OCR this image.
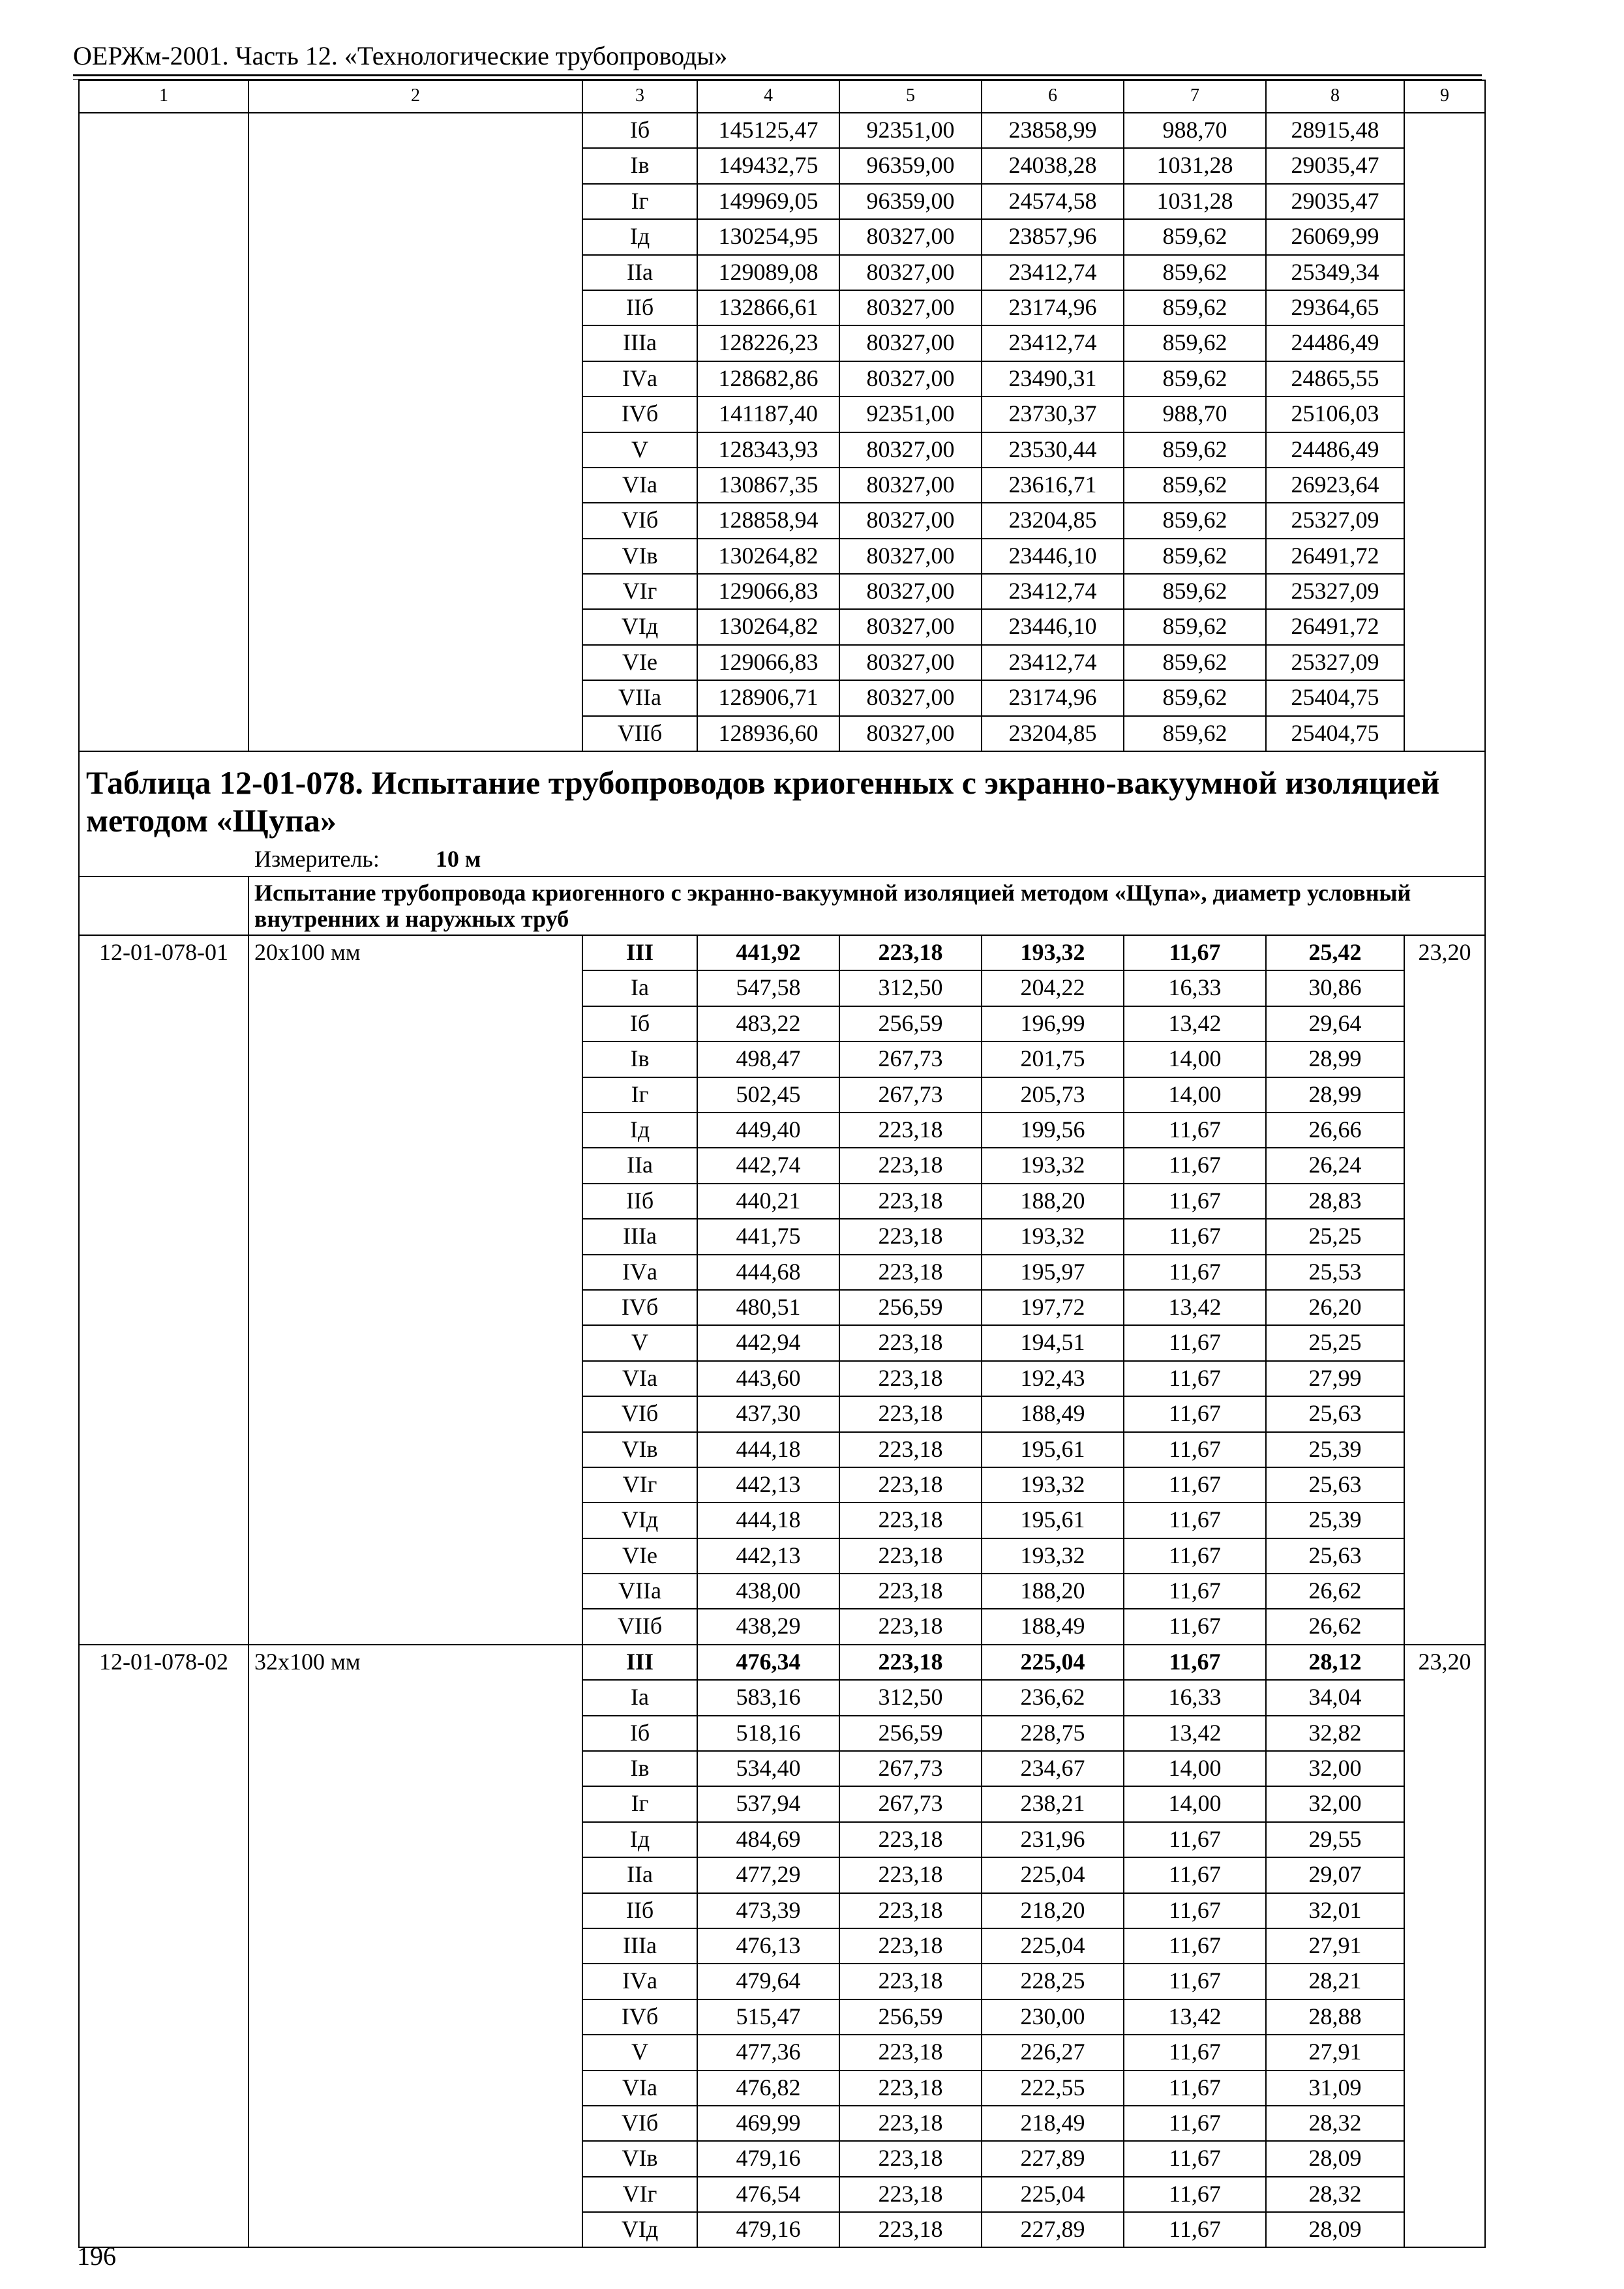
ОЕРЖм-2001. Часть 12. «Технологические трубопроводы»
1	2	3	4	5	6	7	8	9
		Iб	145125,47	92351,00	23858,99	988,70	28915,48	
		Iв	149432,75	96359,00	24038,28	1031,28	29035,47	
		Iг	149969,05	96359,00	24574,58	1031,28	29035,47	
		Iд	130254,95	80327,00	23857,96	859,62	26069,99	
		IIа	129089,08	80327,00	23412,74	859,62	25349,34	
		IIб	132866,61	80327,00	23174,96	859,62	29364,65	
		IIIа	128226,23	80327,00	23412,74	859,62	24486,49	
		IVа	128682,86	80327,00	23490,31	859,62	24865,55	
		IVб	141187,40	92351,00	23730,37	988,70	25106,03	
		V	128343,93	80327,00	23530,44	859,62	24486,49	
		VIа	130867,35	80327,00	23616,71	859,62	26923,64	
		VIб	128858,94	80327,00	23204,85	859,62	25327,09	
		VIв	130264,82	80327,00	23446,10	859,62	26491,72	
		VIг	129066,83	80327,00	23412,74	859,62	25327,09	
		VIд	130264,82	80327,00	23446,10	859,62	26491,72	
		VIе	129066,83	80327,00	23412,74	859,62	25327,09	
		VIIа	128906,71	80327,00	23174,96	859,62	25404,75	
		VIIб	128936,60	80327,00	23204,85	859,62	25404,75	

Таблица 12-01-078. Испытание трубопроводов криогенных с экранно-вакуумной изоляцией методом «Щупа»
Измеритель: 10 м								

	Испытание трубопровода криогенного с экранно-вакуумной изоляцией методом «Щупа», диаметр условный внутренних и наружных труб							
12-01-078-01	20х100 мм	III	441,92	223,18	193,32	11,67	25,42	23,20
		Iа	547,58	312,50	204,22	16,33	30,86	
		Iб	483,22	256,59	196,99	13,42	29,64	
		Iв	498,47	267,73	201,75	14,00	28,99	
		Iг	502,45	267,73	205,73	14,00	28,99	
		Iд	449,40	223,18	199,56	11,67	26,66	
		IIа	442,74	223,18	193,32	11,67	26,24	
		IIб	440,21	223,18	188,20	11,67	28,83	
		IIIа	441,75	223,18	193,32	11,67	25,25	
		IVа	444,68	223,18	195,97	11,67	25,53	
		IVб	480,51	256,59	197,72	13,42	26,20	
		V	442,94	223,18	194,51	11,67	25,25	
		VIа	443,60	223,18	192,43	11,67	27,99	
		VIб	437,30	223,18	188,49	11,67	25,63	
		VIв	444,18	223,18	195,61	11,67	25,39	
		VIг	442,13	223,18	193,32	11,67	25,63	
		VIд	444,18	223,18	195,61	11,67	25,39	
		VIе	442,13	223,18	193,32	11,67	25,63	
		VIIа	438,00	223,18	188,20	11,67	26,62	
		VIIб	438,29	223,18	188,49	11,67	26,62	
12-01-078-02	32х100 мм	III	476,34	223,18	225,04	11,67	28,12	23,20
		Iа	583,16	312,50	236,62	16,33	34,04	
		Iб	518,16	256,59	228,75	13,42	32,82	
		Iв	534,40	267,73	234,67	14,00	32,00	
		Iг	537,94	267,73	238,21	14,00	32,00	
		Iд	484,69	223,18	231,96	11,67	29,55	
		IIа	477,29	223,18	225,04	11,67	29,07	
		IIб	473,39	223,18	218,20	11,67	32,01	
		IIIа	476,13	223,18	225,04	11,67	27,91	
		IVа	479,64	223,18	228,25	11,67	28,21	
		IVб	515,47	256,59	230,00	13,42	28,88	
		V	477,36	223,18	226,27	11,67	27,91	
		VIа	476,82	223,18	222,55	11,67	31,09	
		VIб	469,99	223,18	218,49	11,67	28,32	
		VIв	479,16	223,18	227,89	11,67	28,09	
		VIг	476,54	223,18	225,04	11,67	28,32	
		VIд	479,16	223,18	227,89	11,67	28,09	
196
